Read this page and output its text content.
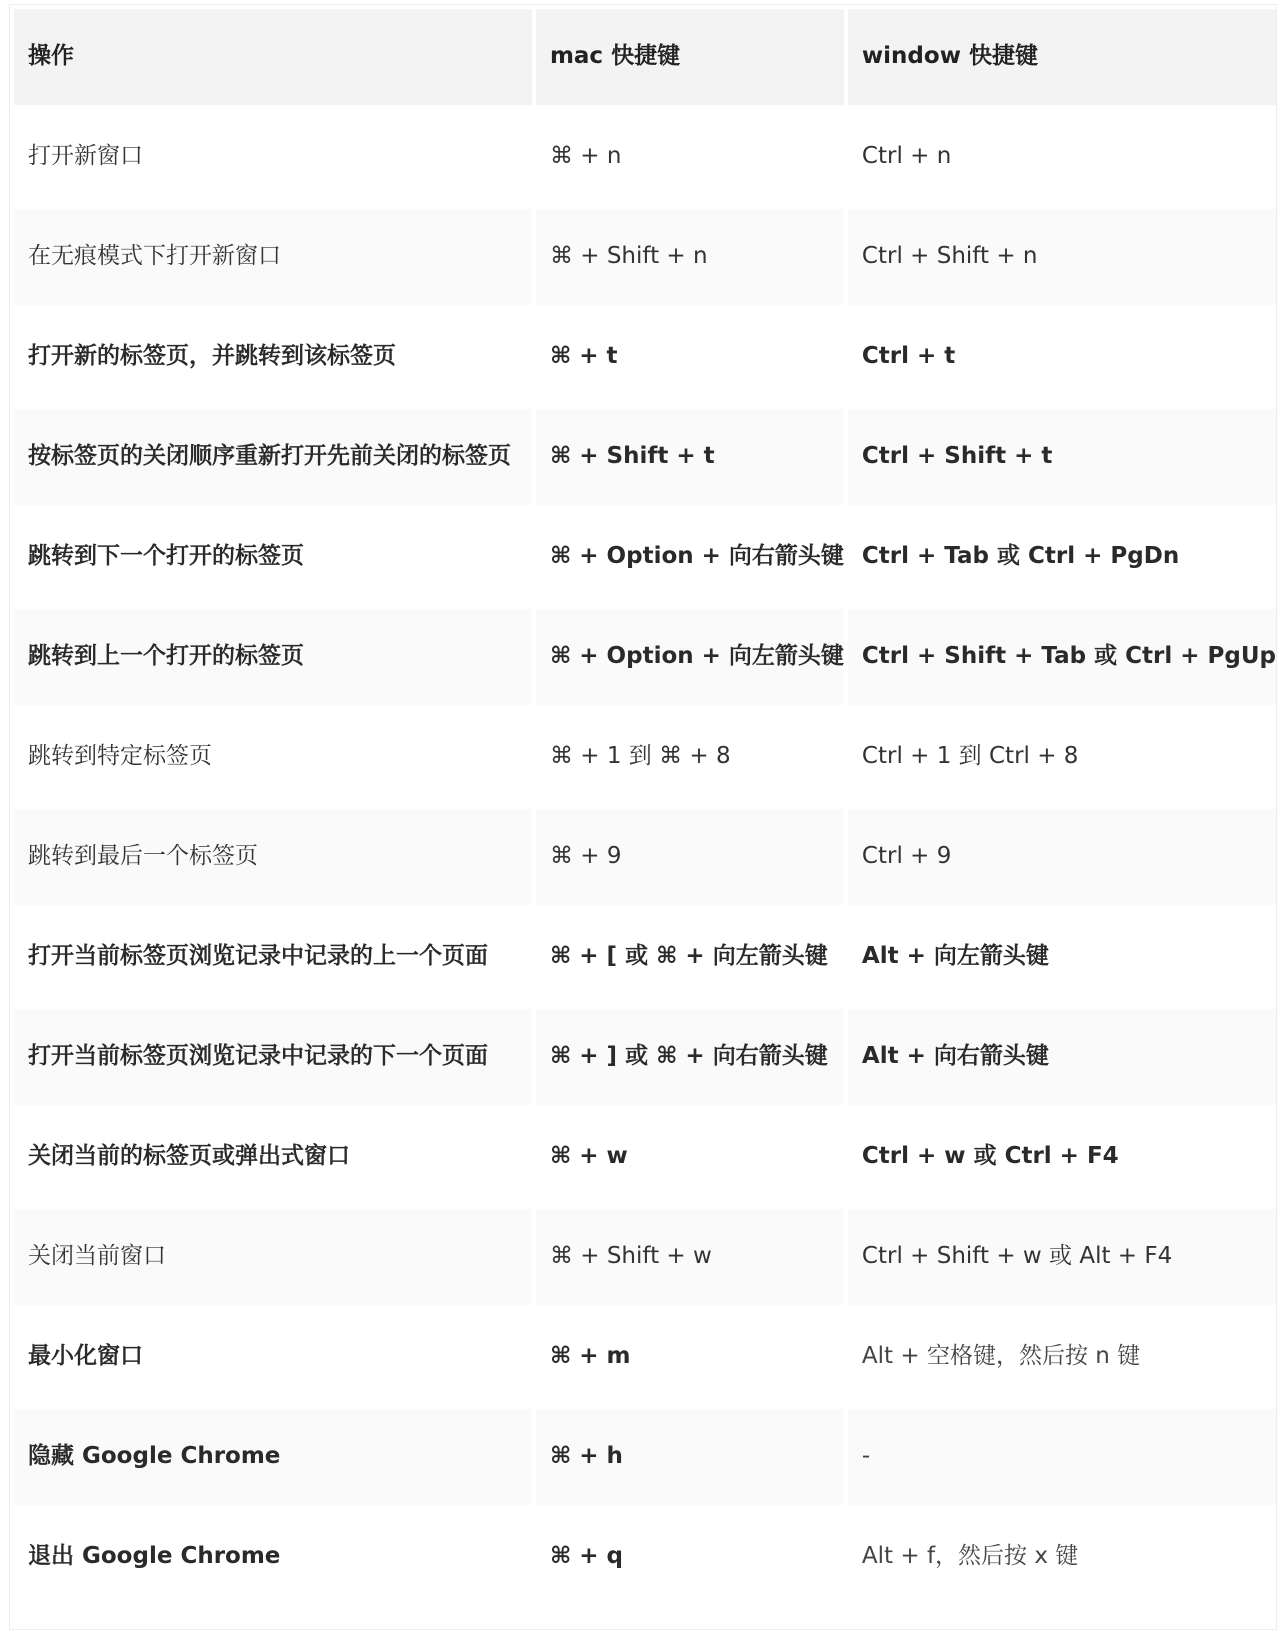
操作	mac 快捷键	window 快捷键
打开新窗口	⌘ + n	Ctrl + n
在无痕模式下打开新窗口	⌘ + Shift + n	Ctrl + Shift + n
打开新的标签页，并跳转到该标签页	⌘ + t	Ctrl + t
按标签页的关闭顺序重新打开先前关闭的标签页	⌘ + Shift + t	Ctrl + Shift + t
跳转到下一个打开的标签页	⌘ + Option + 向右箭头键	Ctrl + Tab 或 Ctrl + PgDn
跳转到上一个打开的标签页	⌘ + Option + 向左箭头键	Ctrl + Shift + Tab 或 Ctrl + PgUp
跳转到特定标签页	⌘ + 1 到 ⌘ + 8	Ctrl + 1 到 Ctrl + 8
跳转到最后一个标签页	⌘ + 9	Ctrl + 9
打开当前标签页浏览记录中记录的上一个页面	⌘ + [ 或 ⌘ + 向左箭头键	Alt + 向左箭头键
打开当前标签页浏览记录中记录的下一个页面	⌘ + ] 或 ⌘ + 向右箭头键	Alt + 向右箭头键
关闭当前的标签页或弹出式窗口	⌘ + w	Ctrl + w 或 Ctrl + F4
关闭当前窗口	⌘ + Shift + w	Ctrl + Shift + w 或 Alt + F4
最小化窗口	⌘ + m	Alt + 空格键，然后按 n 键
隐藏 Google Chrome	⌘ + h	-
退出 Google Chrome	⌘ + q	Alt + f，然后按 x 键
